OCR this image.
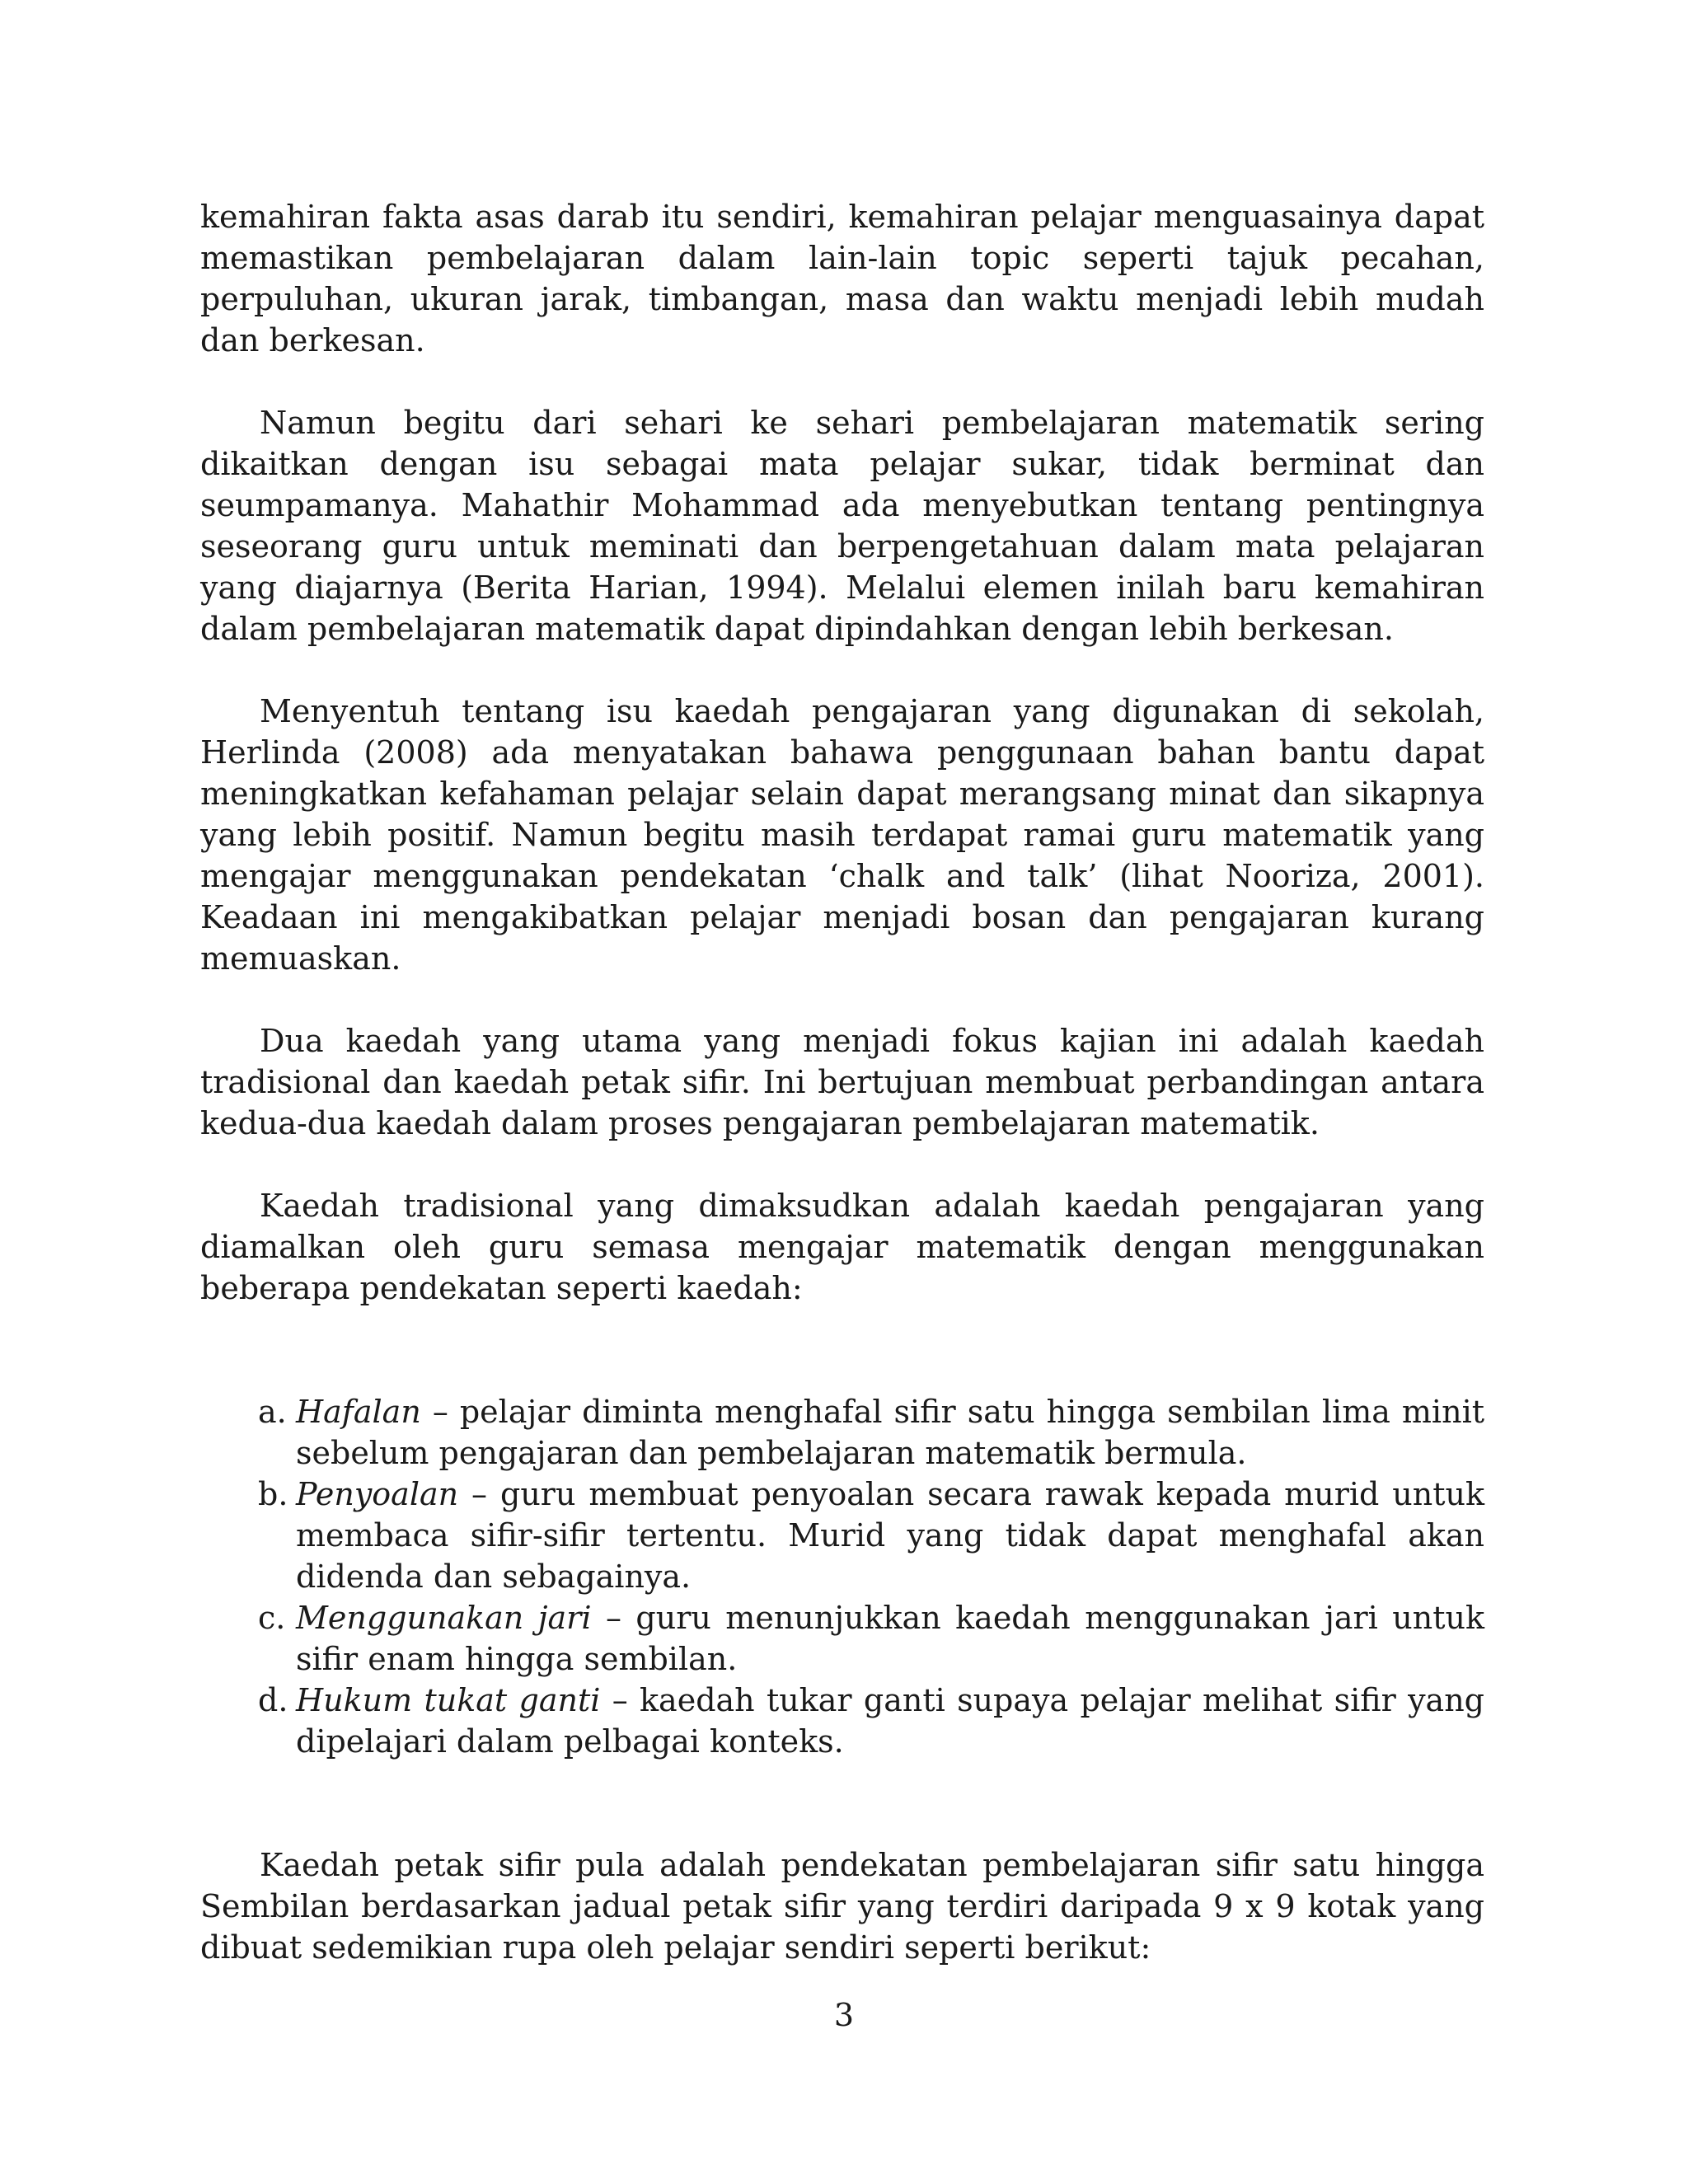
kemahiran fakta asas darab itu sendiri, kemahiran pelajar menguasainya dapat memastikan pembelajaran dalam lain-lain topic seperti tajuk pecahan, perpuluhan, ukuran jarak, timbangan, masa dan waktu menjadi lebih mudah dan berkesan.

Namun begitu dari sehari ke sehari pembelajaran matematik sering dikaitkan dengan isu sebagai mata pelajar sukar, tidak berminat dan seumpamanya. Mahathir Mohammad ada menyebutkan tentang pentingnya seseorang guru untuk meminati dan berpengetahuan dalam mata pelajaran yang diajarnya (Berita Harian, 1994). Melalui elemen inilah baru kemahiran dalam pembelajaran matematik dapat dipindahkan dengan lebih berkesan.

Menyentuh tentang isu kaedah pengajaran yang digunakan di sekolah, Herlinda (2008) ada menyatakan bahawa penggunaan bahan bantu dapat meningkatkan kefahaman pelajar selain dapat merangsang minat dan sikapnya yang lebih positif. Namun begitu masih terdapat ramai guru matematik yang mengajar menggunakan pendekatan ‘chalk and talk’ (lihat Nooriza, 2001). Keadaan ini mengakibatkan pelajar menjadi bosan dan pengajaran kurang memuaskan.

Dua kaedah yang utama yang menjadi fokus kajian ini adalah kaedah tradisional dan kaedah petak sifir. Ini bertujuan membuat perbandingan antara kedua-dua kaedah dalam proses pengajaran pembelajaran matematik.

Kaedah tradisional yang dimaksudkan adalah kaedah pengajaran yang diamalkan oleh guru semasa mengajar matematik dengan menggunakan beberapa pendekatan seperti kaedah:

a. Hafalan – pelajar diminta menghafal sifir satu hingga sembilan lima minit sebelum pengajaran dan pembelajaran matematik bermula.
b. Penyoalan – guru membuat penyoalan secara rawak kepada murid untuk membaca sifir-sifir tertentu. Murid yang tidak dapat menghafal akan didenda dan sebagainya.
c. Menggunakan jari – guru menunjukkan kaedah menggunakan jari untuk sifir enam hingga sembilan.
d. Hukum tukat ganti – kaedah tukar ganti supaya pelajar melihat sifir yang dipelajari dalam pelbagai konteks.

Kaedah petak sifir pula adalah pendekatan pembelajaran sifir satu hingga Sembilan berdasarkan jadual petak sifir yang terdiri daripada 9 x 9 kotak yang dibuat sedemikian rupa oleh pelajar sendiri seperti berikut:

3
